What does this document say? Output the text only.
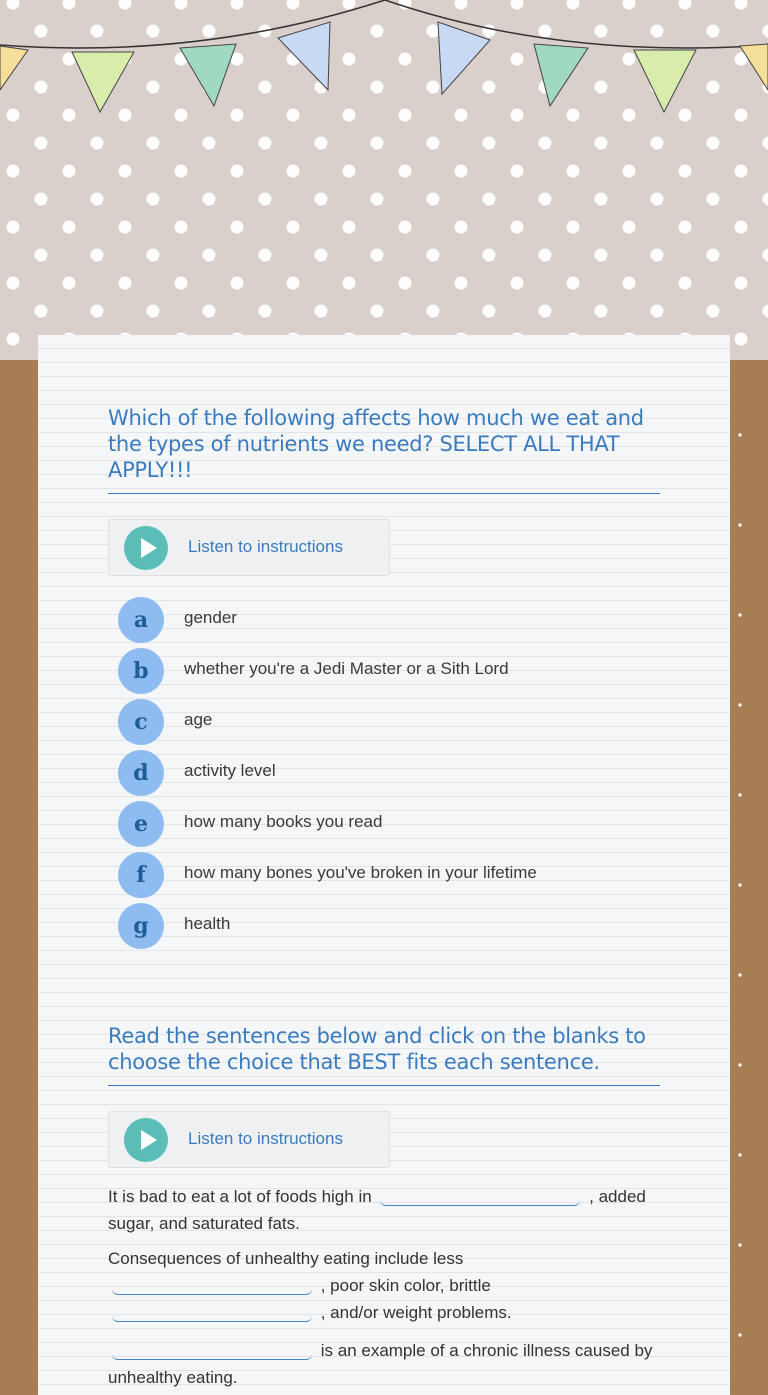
Which of the following affects how much we eat and the types of nutrients we need? SELECT ALL THAT APPLY!!!
Listen to instructions
a	gender
b	whether you're a Jedi Master or a Sith Lord
c	age
d	activity level
e	how many books you read
f	how many bones you've broken in your lifetime
g	health
Read the sentences below and click on the blanks to choose the choice that BEST fits each sentence.
Listen to instructions
It is bad to eat a lot of foods high in	, added sugar, and saturated fats.
Consequences of unhealthy eating include less
, poor skin color, brittle
, and/or weight problems.
is an example of a chronic illness caused by unhealthy eating.
